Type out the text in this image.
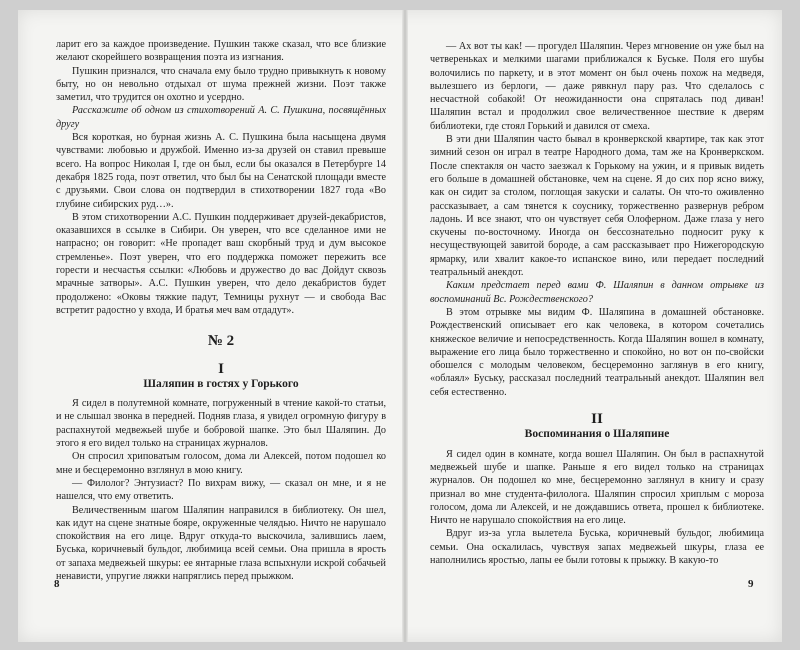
ларит его за каждое произведение. Пушкин также сказал, что все близкие желают скорейшего возвращения поэта из изгнания.

Пушкин признался, что сначала ему было трудно привыкнуть к новому быту, но он невольно отдыхал от шума прежней жизни. Поэт также заметил, что трудится он охотно и усердно.

Расскажите об одном из стихотворений А. С. Пушкина, посвящённых другу

Вся короткая, но бурная жизнь А. С. Пушкина была насыщена двумя чувствами: любовью и дружбой. Именно из-за друзей он ставил превыше всего. На вопрос Николая I, где он был, если бы оказался в Петербурге 14 декабря 1825 года, поэт ответил, что был бы на Сенатской площади вместе с друзьями. Свои слова он подтвердил в стихотворении 1827 года «Во глубине сибирских руд…».

В этом стихотворении А.С. Пушкин поддерживает друзей-декабристов, оказавшихся в ссылке в Сибири. Он уверен, что все сделанное ими не напрасно; он говорит: «Не пропадет ваш скорбный труд и дум высокое стремленье». Поэт уверен, что его поддержка поможет пережить все горести и несчастья ссылки: «Любовь и дружество до вас Дойдут сквозь мрачные затворы». А.С. Пушкин уверен, что дело декабристов будет продолжено: «Оковы тяжкие падут, Темницы рухнут — и свобода Вас встретит радостно у входа, И братья меч вам отдадут».

№ 2
I
Шаляпин в гостях у Горького

Я сидел в полутемной комнате, погруженный в чтение какой-то статьи, и не слышал звонка в передней. Подняв глаза, я увидел огромную фигуру в распахнутой медвежьей шубе и бобровой шапке. Это был Шаляпин. До этого я его видел только на страницах журналов.

Он спросил хриповатым голосом, дома ли Алексей, потом подошел ко мне и бесцеремонно взглянул в мою книгу.

— Филолог? Энтузиаст? По вихрам вижу, — сказал он мне, и я не нашелся, что ему ответить.

Величественным шагом Шаляпин направился в библиотеку. Он шел, как идут на сцене знатные бояре, окруженные челядью. Ничто не нарушало спокойствия на его лице. Вдруг откуда-то выскочила, залившись лаем, Буська, коричневый бульдог, любимица всей семьи. Она пришла в ярость от запаха медвежьей шкуры: ее янтарные глаза вспыхнули искрой собачьей ненависти, упругие ляжки напряглись перед прыжком.

— Ах вот ты как! — прогудел Шаляпин. Через мгновение он уже был на четвереньках и мелкими шагами приближался к Буське. Поля его шубы волочились по паркету, и в этот момент он был очень похож на медведя, вылезшего из берлоги, — даже рявкнул пару раз. Что сделалось с несчастной собакой! От неожиданности она спряталась под диван! Шаляпин встал и продолжил свое величественное шествие к дверям библиотеки, где стоял Горький и давился от смеха.

В эти дни Шаляпин часто бывал в кронверкской квартире, так как этот зимний сезон он играл в театре Народного дома, там же на Кронверкском. После спектакля он часто заезжал к Горькому на ужин, и я привык видеть его больше в домашней обстановке, чем на сцене. Я до сих пор ясно вижу, как он сидит за столом, поглощая закуски и салаты. Он что-то оживленно рассказывает, а сам тянется к соуснику, торжественно развернув ребром ладонь. И все знают, что он чувствует себя Олоферном. Даже глаза у него скучены по-восточному. Иногда он бессознательно подносит руку к несуществующей завитой бороде, а сам рассказывает про Нижегородскую ярмарку, или хвалит какое-то испанское вино, или передает последний театральный анекдот.

Каким предстает перед вами Ф. Шаляпин в данном отрывке из воспоминаний Вс. Рождественского?

В этом отрывке мы видим Ф. Шаляпина в домашней обстановке. Рождественский описывает его как человека, в котором сочетались княжеское величие и непосредственность. Когда Шаляпин вошел в комнату, выражение его лица было торжественно и спокойно, но вот он по-свойски обошелся с молодым человеком, бесцеремонно заглянув в его книгу, «облаял» Буську, рассказал последний театральный анекдот. Шаляпин вел себя естественно.

II
Воспоминания о Шаляпине

Я сидел один в комнате, когда вошел Шаляпин. Он был в распахнутой медвежьей шубе и шапке. Раньше я его видел только на страницах журналов. Он подошел ко мне, бесцеремонно заглянул в книгу и сразу признал во мне студента-филолога. Шаляпин спросил хриплым с мороза голосом, дома ли Алексей, и не дождавшись ответа, прошел к библиотеке. Ничто не нарушало спокойствия на его лице.

Вдруг из-за угла вылетела Буська, коричневый бульдог, любимица семьи. Она оскалилась, чувствуя запах медвежьей шкуры, глаза ее наполнились яростью, лапы ее были готовы к прыжку. В какую-то

8	9
